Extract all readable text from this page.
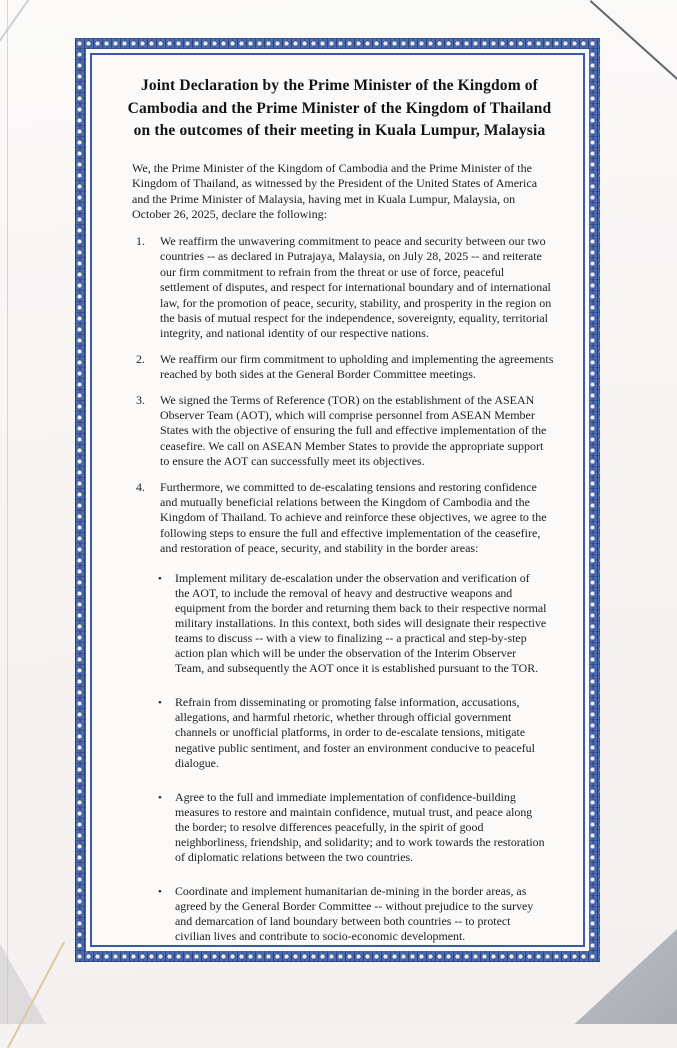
Joint Declaration by the Prime Minister of the Kingdom of
Cambodia and the Prime Minister of the Kingdom of Thailand
on the outcomes of their meeting in Kuala Lumpur, Malaysia

We, the Prime Minister of the Kingdom of Cambodia and the Prime Minister of the Kingdom of Thailand, as witnessed by the President of the United States of America and the Prime Minister of Malaysia, having met in Kuala Lumpur, Malaysia, on October 26, 2025, declare the following:

1.	We reaffirm the unwavering commitment to peace and security between our two countries -- as declared in Putrajaya, Malaysia, on July 28, 2025 -- and reiterate our firm commitment to refrain from the threat or use of force, peaceful settlement of disputes, and respect for international boundary and of international law, for the promotion of peace, security, stability, and prosperity in the region on the basis of mutual respect for the independence, sovereignty, equality, territorial integrity, and national identity of our respective nations.
2.	We reaffirm our firm commitment to upholding and implementing the agreements reached by both sides at the General Border Committee meetings.
3.	We signed the Terms of Reference (TOR) on the establishment of the ASEAN Observer Team (AOT), which will comprise personnel from ASEAN Member States with the objective of ensuring the full and effective implementation of the ceasefire. We call on ASEAN Member States to provide the appropriate support to ensure the AOT can successfully meet its objectives.
4.	Furthermore, we committed to de-escalating tensions and restoring confidence and mutually beneficial relations between the Kingdom of Cambodia and the Kingdom of Thailand. To achieve and reinforce these objectives, we agree to the following steps to ensure the full and effective implementation of the ceasefire, and restoration of peace, security, and stability in the border areas:
•	Implement military de-escalation under the observation and verification of the AOT, to include the removal of heavy and destructive weapons and equipment from the border and returning them back to their respective normal military installations. In this context, both sides will designate their respective teams to discuss -- with a view to finalizing -- a practical and step-by-step action plan which will be under the observation of the Interim Observer Team, and subsequently the AOT once it is established pursuant to the TOR.
•	Refrain from disseminating or promoting false information, accusations, allegations, and harmful rhetoric, whether through official government channels or unofficial platforms, in order to de-escalate tensions, mitigate negative public sentiment, and foster an environment conducive to peaceful dialogue.
•	Agree to the full and immediate implementation of confidence-building measures to restore and maintain confidence, mutual trust, and peace along the border; to resolve differences peacefully, in the spirit of good neighborliness, friendship, and solidarity; and to work towards the restoration of diplomatic relations between the two countries.
•	Coordinate and implement humanitarian de-mining in the border areas, as agreed by the General Border Committee -- without prejudice to the survey and demarcation of land boundary between both countries -- to protect civilian lives and contribute to socio-economic development.
